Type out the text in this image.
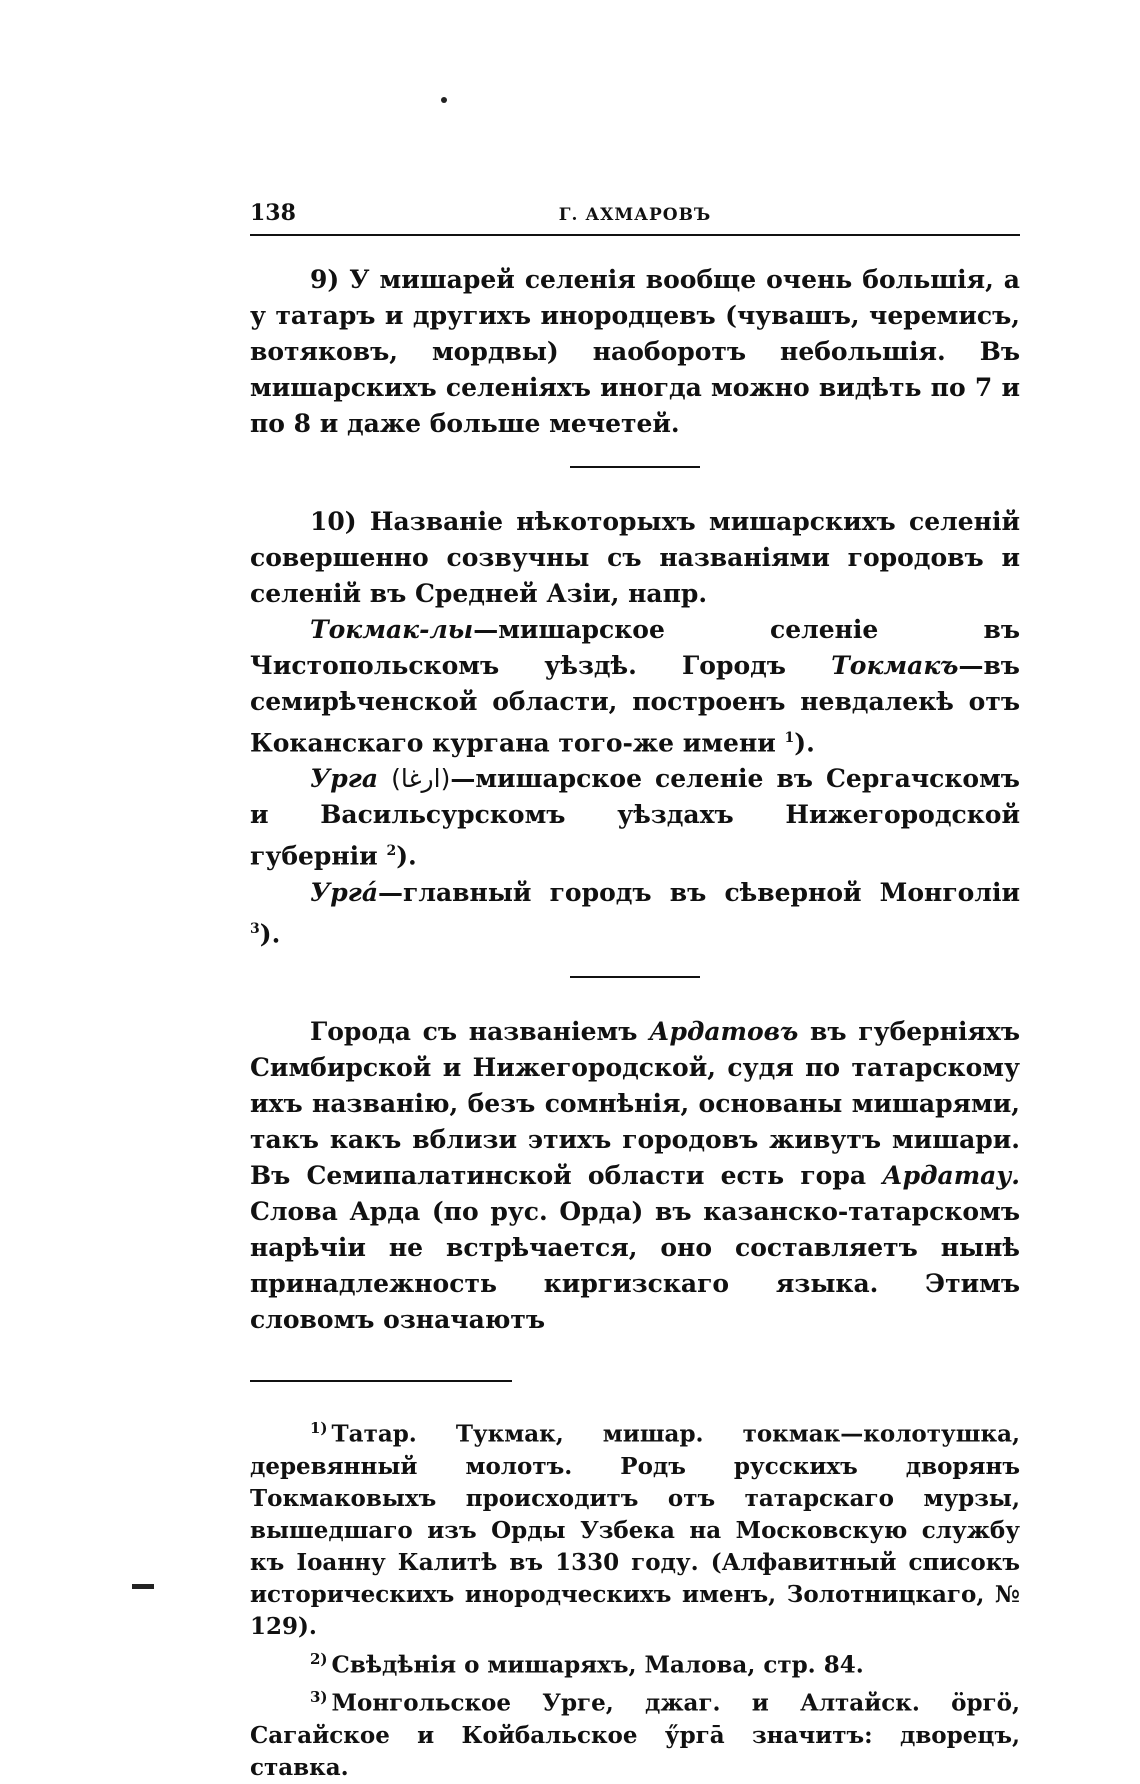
138	Г. АХМАРОВЪ

9) У мишарей селенія вообще очень большія, а у татаръ и другихъ инородцевъ (чувашъ, черемисъ, вотяковъ, мордвы) наоборотъ небольшія. Въ мишарскихъ селеніяхъ иногда можно видѣть по 7 и по 8 и даже больше мечетей.

10) Названіе нѣкоторыхъ мишарскихъ селеній совершенно созвучны съ названіями городовъ и селеній въ Средней Азіи, напр.

Токмак-лы—мишарское селеніе въ Чистопольскомъ уѣздѣ. Городъ Токмакъ—въ семирѣченской области, построенъ невдалекѣ отъ Коканскаго кургана того-же имени $^1$).

Урга (ارغا)—мишарское селеніе въ Сергачскомъ и Васильсурскомъ уѣздахъ Нижегородской губерніи $^2$).

Ургá—главный городъ въ сѣверной Монголіи $^3$).

Города съ названіемъ Ардатовъ въ губерніяхъ Симбирской и Нижегородской, судя по татарскому ихъ названію, безъ сомнѣнія, основаны мишарями, такъ какъ вблизи этихъ городовъ живутъ мишари. Въ Семипалатинской области есть гора Ардатау. Слова Арда (по рус. Орда) въ казанско-татарскомъ нарѣчіи не встрѣчается, оно составляетъ нынѣ принадлежность киргизскаго языка. Этимъ словомъ означаютъ

$^{1)}$ Татар. Тукмак, мишар. токмак—колотушка, деревянный молотъ. Родъ русскихъ дворянъ Токмаковыхъ происходитъ отъ татарскаго мурзы, вышедшаго изъ Орды Узбека на Московскую службу къ Іоанну Калитѣ въ 1330 году. (Алфавитный списокъ историческихъ инородческихъ именъ, Золотницкаго, № 129).

$^{2)}$ Свѣдѣнія о мишаряхъ, Малова, стр. 84.

$^{3)}$ Монгольское Урге, джаг. и Алтайск. öргö, Сагайское и Койбальское ӳргā значитъ: дворецъ, ставка.
